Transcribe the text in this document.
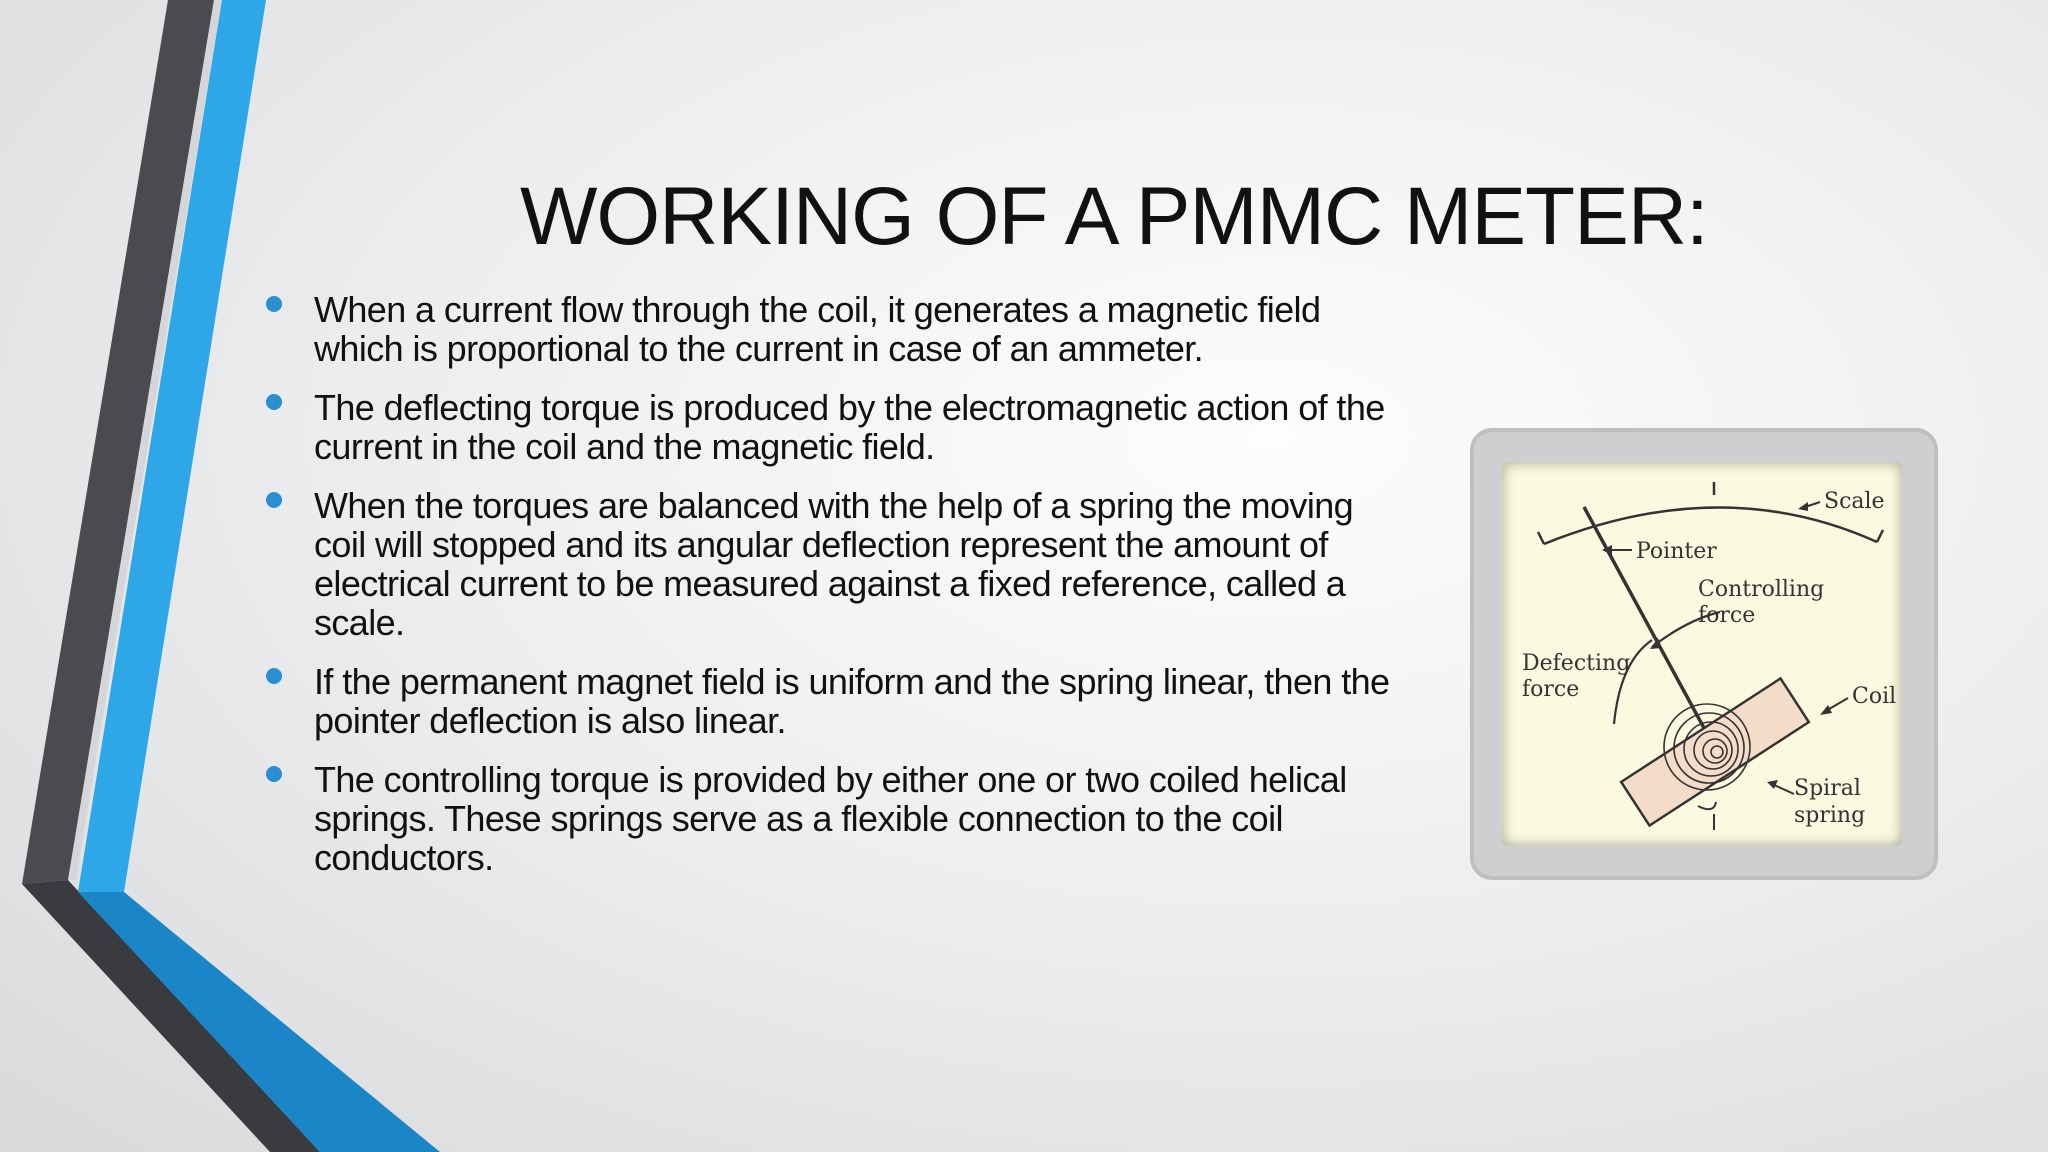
WORKING OF A PMMC METER:
When a current flow through the coil, it generates a magnetic field which is proportional to the current in case of an ammeter.
The deflecting torque is produced by the electromagnetic action of the current in the coil and the magnetic field.
When the torques are balanced with the help of a spring the moving coil will stopped and its angular deflection represent the amount of electrical current to be measured against a fixed reference, called a scale.
If the permanent magnet field is uniform and the spring linear, then the pointer deflection is also linear.
The controlling torque is provided by either one or two coiled helical springs. These springs serve as a flexible connection to the coil conductors.
Scale
Pointer
Controlling
force
Defecting
force	Coil
Spiral
spring
